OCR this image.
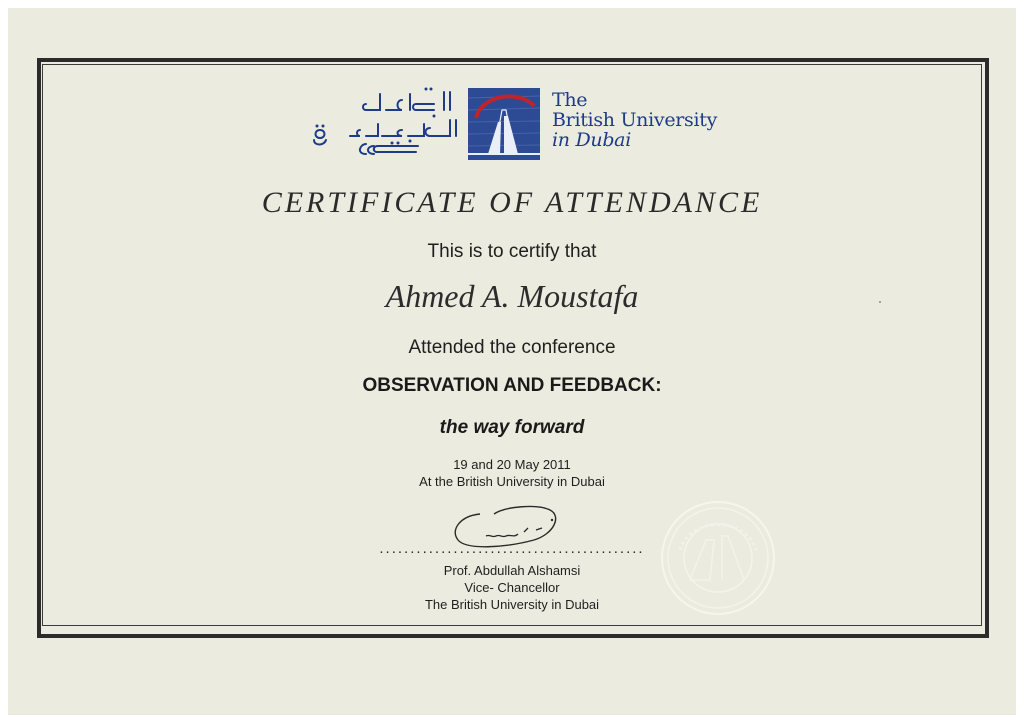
The
British University
in Dubai
CERTIFICATE OF ATTENDANCE
This is to certify that
Ahmed A. Moustafa
Attended the conference
OBSERVATION AND FEEDBACK:
the way forward
19 and 20 May 2011
At the British University in Dubai
...........................................
Prof. Abdullah Alshamsi
Vice- Chancellor
The British University in Dubai
